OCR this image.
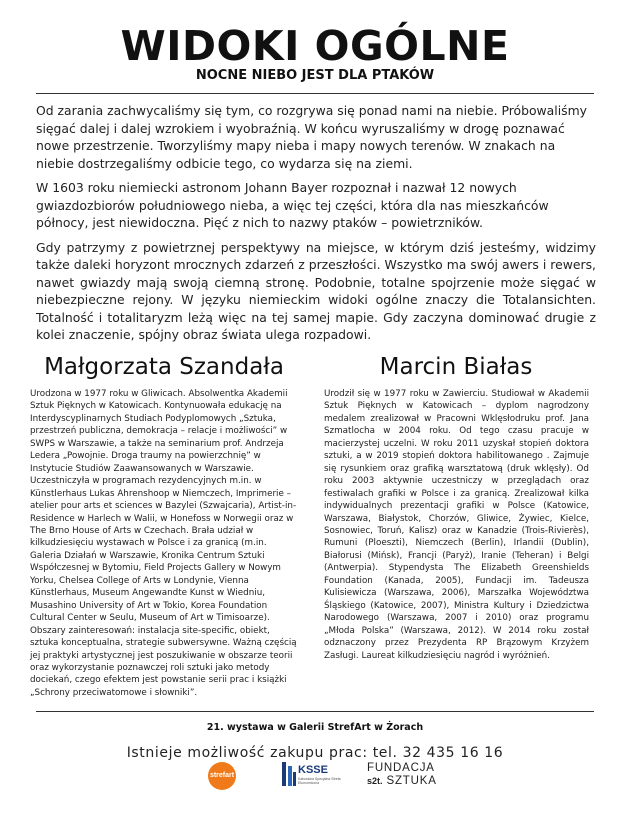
WIDOKI OGÓLNE
NOCNE NIEBO JEST DLA PTAKÓW

Od zarania zachwycaliśmy się tym, co rozgrywa się ponad nami na niebie. Próbowaliśmy sięgać dalej i dalej wzrokiem i wyobraźnią. W końcu wyruszaliśmy w drogę poznawać nowe przestrzenie. Tworzyliśmy mapy nieba i mapy nowych terenów. W znakach na niebie dostrzegaliśmy odbicie tego, co wydarza się na ziemi.

W 1603 roku niemiecki astronom Johann Bayer rozpoznał i nazwał 12 nowych gwiazdozbiorów południowego nieba, a więc tej części, która dla nas mieszkańców północy, jest niewidoczna. Pięć z nich to nazwy ptaków – powietrzników.

Gdy patrzymy z powietrznej perspektywy na miejsce, w którym dziś jesteśmy, widzimy także daleki horyzont mrocznych zdarzeń z przeszłości. Wszystko ma swój awers i rewers, nawet gwiazdy mają swoją ciemną stronę. Podobnie, totalne spojrzenie może sięgać w niebezpieczne rejony. W języku niemieckim widoki ogólne znaczy die Totalansichten. Totalność i totalitaryzm leżą więc na tej samej mapie. Gdy zaczyna dominować drugie z kolei znaczenie, spójny obraz świata ulega rozpadowi.

Małgorzata Szandała	Marcin Białas
Urodzona w 1977 roku w Gliwicach. Absolwentka Akademii Sztuk Pięknych w Katowicach. Kontynuowała edukację na Interdyscyplinarnych Studiach Podyplomowych „Sztuka, przestrzeń publiczna, demokracja – relacje i możliwości” w SWPS w Warszawie, a także na seminarium prof. Andrzeja Ledera „Powojnie. Droga traumy na powierzchnię” w Instytucie Studiów Zaawansowanych w Warszawie. Uczestniczyła w programach rezydencyjnych m.in. w Künstlerhaus Lukas Ahrenshoop w Niemczech, Imprimerie – atelier pour arts et sciences w Bazylei (Szwajcaria), Artist-in-Residence w Harlech w Walii, w Honefoss w Norwegii oraz w The Brno House of Arts w Czechach. Brała udział w kilkudziesięciu wystawach w Polsce i za granicą (m.in. Galeria Działań w Warszawie, Kronika Centrum Sztuki Współczesnej w Bytomiu, Field Projects Gallery w Nowym Yorku, Chelsea College of Arts w Londynie, Vienna Künstlerhaus, Museum Angewandte Kunst w Wiedniu, Musashino University of Art w Tokio, Korea Foundation Cultural Center w Seulu, Museum of Art w Timisoarze). Obszary zainteresowań: instalacja site-specific, obiekt, sztuka konceptualna, strategie subwersywne. Ważną częścią jej praktyki artystycznej jest poszukiwanie w obszarze teorii oraz wykorzystanie poznawczej roli sztuki jako metody dociekań, czego efektem jest powstanie serii prac i książki „Schrony przeciwatomowe i słowniki”.
Urodził się w 1977 roku w Zawierciu. Studiował w Akademii Sztuk Pięknych w Katowicach – dyplom nagrodzony medalem zrealizował w Pracowni Wklęsłodruku prof. Jana Szmatlocha w 2004 roku. Od tego czasu pracuje w macierzystej uczelni. W roku 2011 uzyskał stopień doktora sztuki, a w 2019 stopień doktora habilitowanego . Zajmuje się rysunkiem oraz grafiką warsztatową (druk wklęsły). Od roku 2003 aktywnie uczestniczy w przeglądach oraz festiwalach grafiki w Polsce i za granicą. Zrealizował kilka indywidualnych prezentacji grafiki w Polsce (Katowice, Warszawa, Białystok, Chorzów, Gliwice, Żywiec, Kielce, Sosnowiec, Toruń, Kalisz) oraz w Kanadzie (Trois-Rivierès), Rumuni (Ploeszti), Niemczech (Berlin), Irlandii (Dublin), Białorusi (Mińsk), Francji (Paryż), Iranie (Teheran) i Belgi (Antwerpia). Stypendysta The Elizabeth Greenshields Foundation (Kanada, 2005), Fundacji im. Tadeusza Kulisiewicza (Warszawa, 2006), Marszałka Województwa Śląskiego (Katowice, 2007), Ministra Kultury i Dziedzictwa Narodowego (Warszawa, 2007 i 2010) oraz programu „Młoda Polska” (Warszawa, 2012). W 2014 roku został odznaczony przez Prezydenta RP Brązowym Krzyżem Zasługi. Laureat kilkudziesięciu nagród i wyróżnień.
21. wystawa w Galerii StrefArt w Żorach
Istnieje możliwość zakupu prac: tel. 32 435 16 16
strefart	KSSE
Katowicka Specjalna Strefa Ekonomiczna
FUNDACJA
s2t. SZTUKA
